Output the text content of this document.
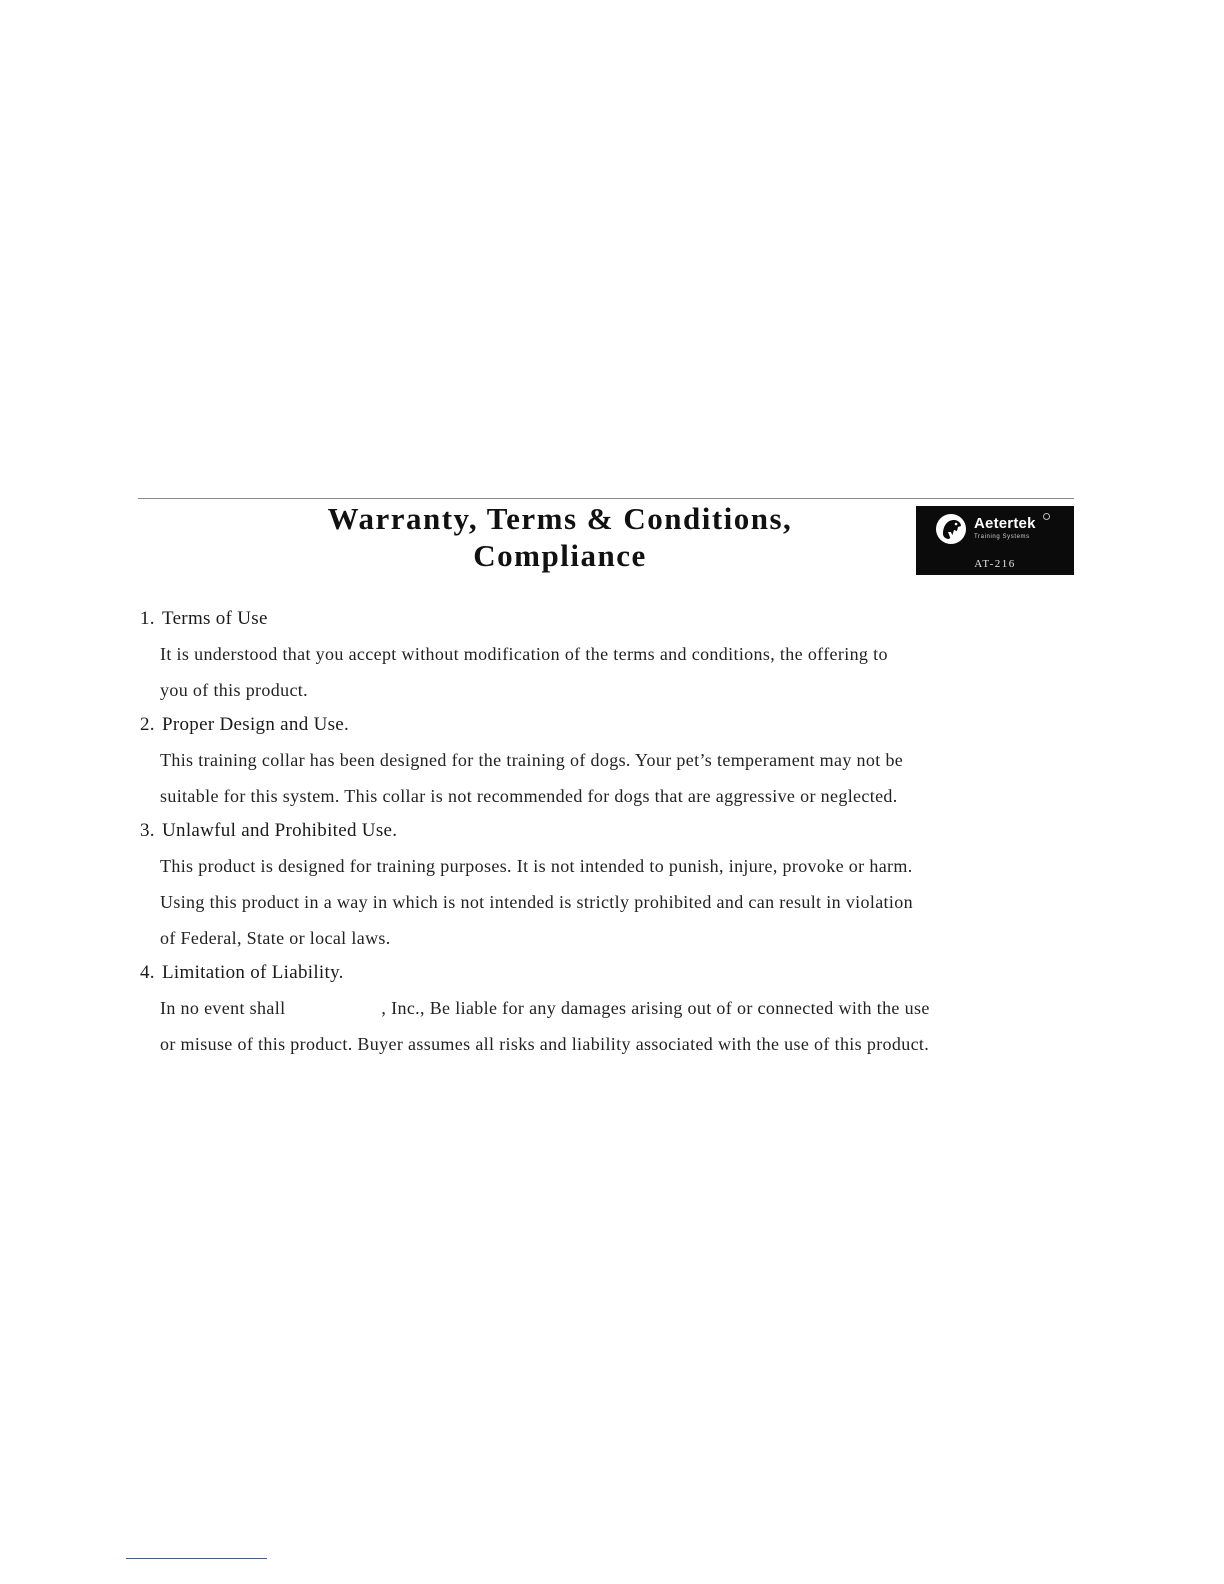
Warranty, Terms & Conditions,
Compliance
Aetertek
Training Systems
AT-216
1. Terms of Use
It is understood that you accept without modification of the terms and conditions, the offering to
you of this product.
2. Proper Design and Use.
This training collar has been designed for the training of dogs. Your pet’s temperament may not be
suitable for this system. This collar is not recommended for dogs that are aggressive or neglected.
3. Unlawful and Prohibited Use.
This product is designed for training purposes. It is not intended to punish, injure, provoke or harm.
Using this product in a way in which is not intended is strictly prohibited and can result in violation
of Federal, State or local laws.
4. Limitation of Liability.
In no event shall	, Inc., Be liable for any damages arising out of or connected with the use
or misuse of this product. Buyer assumes all risks and liability associated with the use of this product.
